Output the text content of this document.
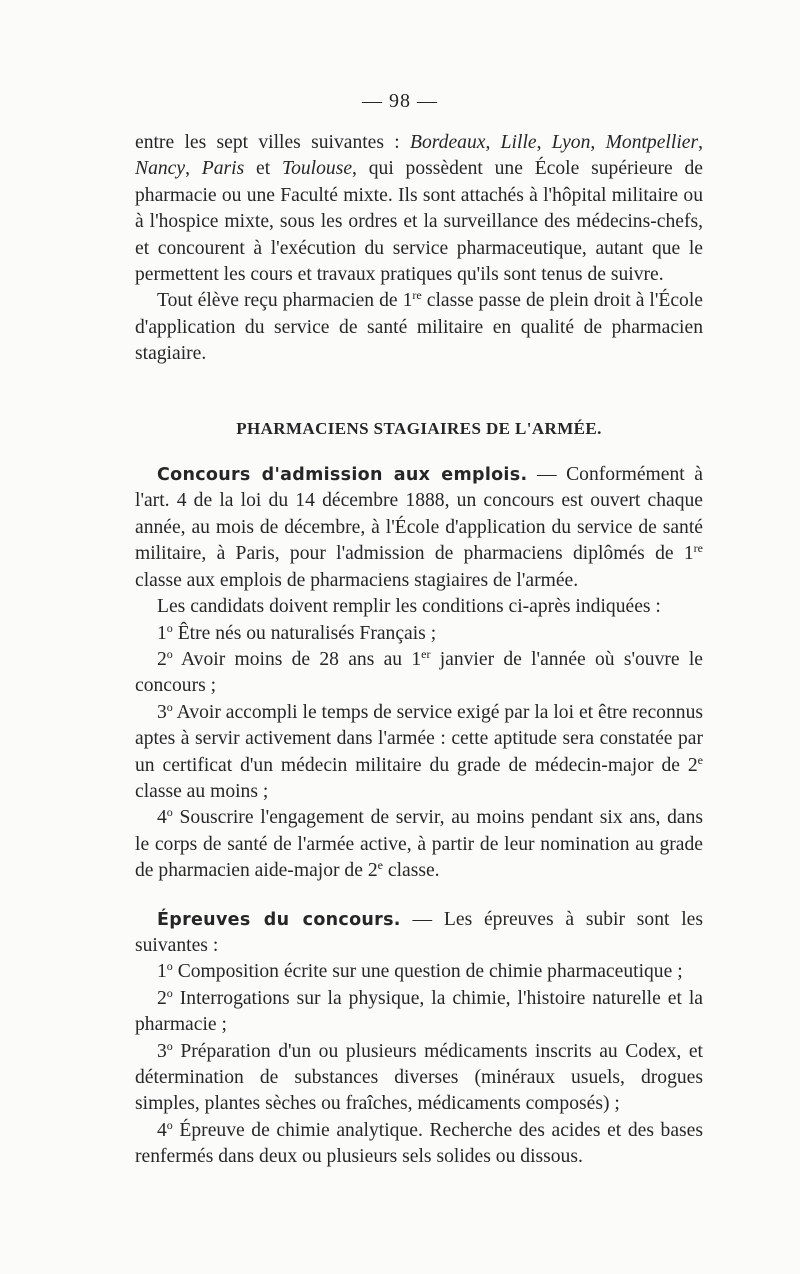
— 98 —

entre les sept villes suivantes : Bordeaux, Lille, Lyon, Montpellier, Nancy, Paris et Toulouse, qui possèdent une École supérieure de pharmacie ou une Faculté mixte. Ils sont attachés à l'hôpital militaire ou à l'hospice mixte, sous les ordres et la surveillance des médecins-chefs, et concourent à l'exécution du service pharmaceutique, autant que le permettent les cours et travaux pratiques qu'ils sont tenus de suivre.

Tout élève reçu pharmacien de 1re classe passe de plein droit à l'École d'application du service de santé militaire en qualité de pharmacien stagiaire.

PHARMACIENS STAGIAIRES DE L'ARMÉE.

Concours d'admission aux emplois. — Conformément à l'art. 4 de la loi du 14 décembre 1888, un concours est ouvert chaque année, au mois de décembre, à l'École d'application du service de santé militaire, à Paris, pour l'admission de pharmaciens diplômés de 1re classe aux emplois de pharmaciens stagiaires de l'armée.

Les candidats doivent remplir les conditions ci-après indiquées :

1$^o$ Être nés ou naturalisés Français ;

2$^o$ Avoir moins de 28 ans au 1er janvier de l'année où s'ouvre le concours ;

3$^o$ Avoir accompli le temps de service exigé par la loi et être reconnus aptes à servir activement dans l'armée : cette aptitude sera constatée par un certificat d'un médecin militaire du grade de médecin-major de 2e classe au moins ;

4$^o$ Souscrire l'engagement de servir, au moins pendant six ans, dans le corps de santé de l'armée active, à partir de leur nomination au grade de pharmacien aide-major de 2e classe.

Épreuves du concours. — Les épreuves à subir sont les suivantes :

1$^o$ Composition écrite sur une question de chimie pharmaceutique ;

2$^o$ Interrogations sur la physique, la chimie, l'histoire naturelle et la pharmacie ;

3$^o$ Préparation d'un ou plusieurs médicaments inscrits au Codex, et détermination de substances diverses (minéraux usuels, drogues simples, plantes sèches ou fraîches, médicaments composés) ;

4$^o$ Épreuve de chimie analytique. Recherche des acides et des bases renfermés dans deux ou plusieurs sels solides ou dissous.
